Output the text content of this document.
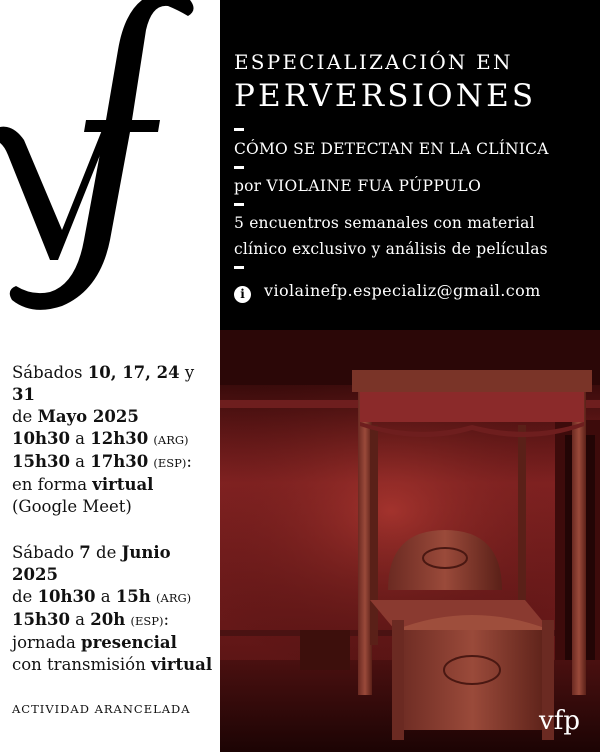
Sábados 10, 17, 24 y 31
de Mayo 2025
10h30 a 12h30 (ARG)
15h30 a 17h30 (ESP):
en forma virtual
(Google Meet)
Sábado 7 de Junio 2025
de 10h30 a 15h (ARG)
15h30 a 20h (ESP):
jornada presencial
con transmisión virtual
ACTIVIDAD ARANCELADA
ESPECIALIZACIÓN EN
PERVERSIONES
CÓMO SE DETECTAN EN LA CLÍNICA
por VIOLAINE FUA PÚPPULO
5 encuentros semanales con material
clínico exclusivo y análisis de películas
i	violainefp.especializ@gmail.com
vfp
